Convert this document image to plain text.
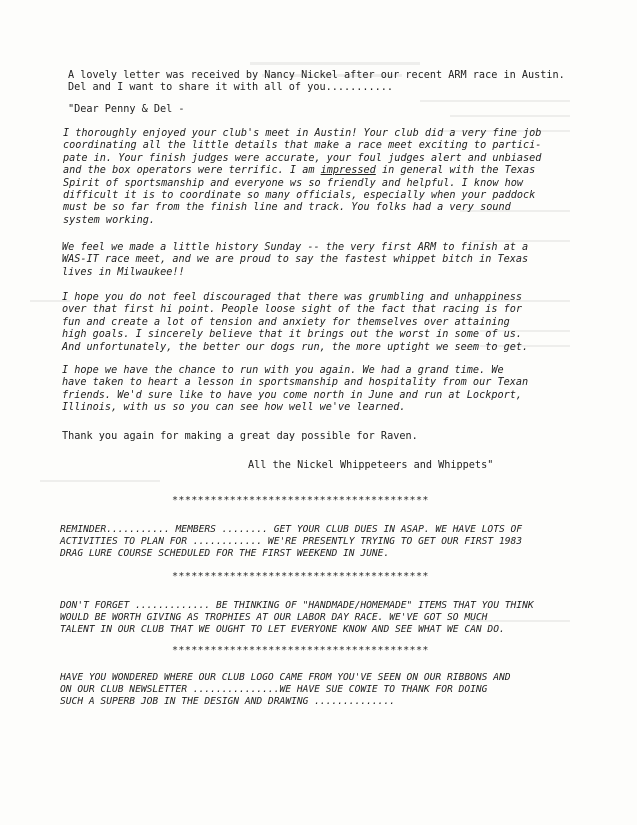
A lovely letter was received by Nancy Nickel after our recent ARM race in Austin.
Del and I want to share it with all of you...........

"Dear Penny & Del -

I thoroughly enjoyed your club's meet in Austin! Your club did a very fine job
coordinating all the little details that make a race meet exciting to partici-
pate in. Your finish judges were accurate, your foul judges alert and unbiased
and the box operators were terrific. I am impressed in general with the Texas
Spirit of sportsmanship and everyone ws so friendly and helpful. I know how
difficult it is to coordinate so many officials, especially when your paddock
must be so far from the finish line and track. You folks had a very sound
system working.

We feel we made a little history Sunday -- the very first ARM to finish at a
WAS-IT race meet, and we are proud to say the fastest whippet bitch in Texas
lives in Milwaukee!!

I hope you do not feel discouraged that there was grumbling and unhappiness
over that first hi point. People loose sight of the fact that racing is for
fun and create a lot of tension and anxiety for themselves over attaining
high goals. I sincerely believe that it brings out the worst in some of us.
And unfortunately, the better our dogs run, the more uptight we seem to get.

I hope we have the chance to run with you again. We had a grand time. We
have taken to heart a lesson in sportsmanship and hospitality from our Texan
friends. We'd sure like to have you come north in June and run at Lockport,
Illinois, with us so you can see how well we've learned.

Thank you again for making a great day possible for Raven.

All the Nickel Whippeteers and Whippets"

****************************************

REMINDER........... MEMBERS ........ GET YOUR CLUB DUES IN ASAP. WE HAVE LOTS OF
ACTIVITIES TO PLAN FOR ............ WE'RE PRESENTLY TRYING TO GET OUR FIRST 1983
DRAG LURE COURSE SCHEDULED FOR THE FIRST WEEKEND IN JUNE.

****************************************

DON'T FORGET ............. BE THINKING OF "HANDMADE/HOMEMADE" ITEMS THAT YOU THINK
WOULD BE WORTH GIVING AS TROPHIES AT OUR LABOR DAY RACE. WE'VE GOT SO MUCH
TALENT IN OUR CLUB THAT WE OUGHT TO LET EVERYONE KNOW AND SEE WHAT WE CAN DO.

****************************************

HAVE YOU WONDERED WHERE OUR CLUB LOGO CAME FROM YOU'VE SEEN ON OUR RIBBONS AND
ON OUR CLUB NEWSLETTER ...............WE HAVE SUE COWIE TO THANK FOR DOING
SUCH A SUPERB JOB IN THE DESIGN AND DRAWING ..............
